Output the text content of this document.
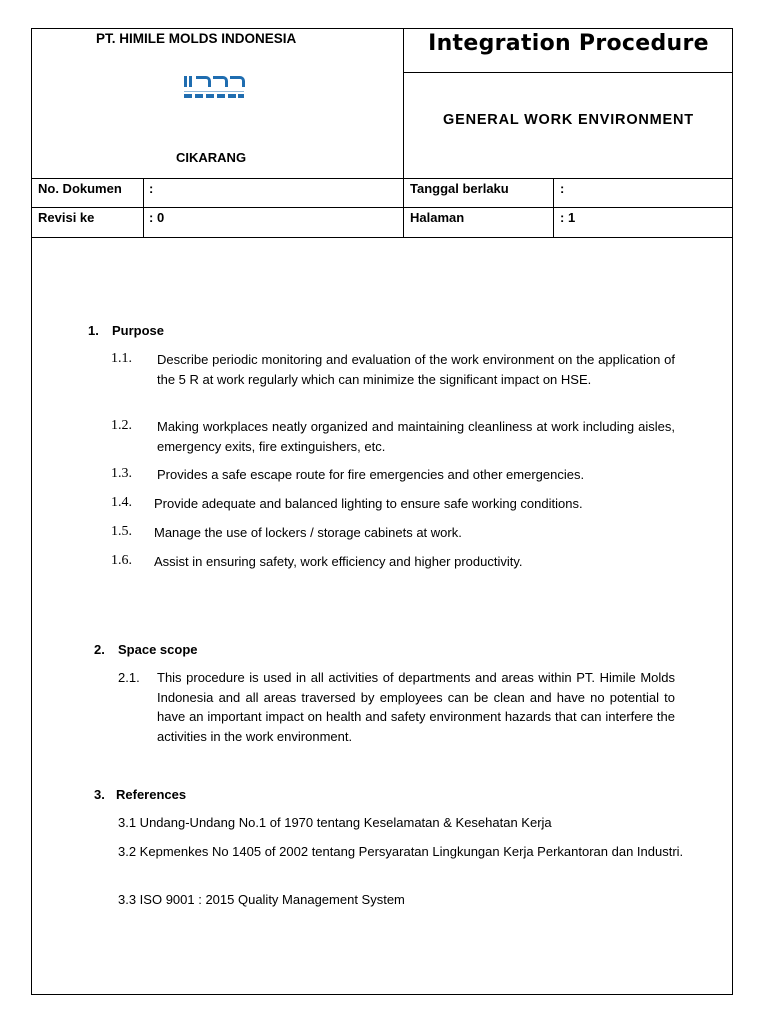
PT. HIMILE MOLDS INDONESIA
CIKARANG
Integration Procedure
GENERAL WORK ENVIRONMENT
No. Dokumen :	Tanggal berlaku	:
Revisi ke	: 0	Halaman	: 1
1. Purpose
1.1. Describe periodic monitoring and evaluation of the work environment on the application of the 5 R at work regularly which can minimize the significant impact on HSE.
1.2. Making workplaces neatly organized and maintaining cleanliness at work including aisles, emergency exits, fire extinguishers, etc.
1.3. Provides a safe escape route for fire emergencies and other emergencies.
1.4. Provide adequate and balanced lighting to ensure safe working conditions.
1.5. Manage the use of lockers / storage cabinets at work.
1.6. Assist in ensuring safety, work efficiency and higher productivity.
2. Space scope
2.1. This procedure is used in all activities of departments and areas within PT. Himile Molds Indonesia and all areas traversed by employees can be clean and have no potential to have an important impact on health and safety environment hazards that can interfere the activities in the work environment.
3. References
3.1 Undang-Undang No.1 of 1970 tentang Keselamatan & Kesehatan Kerja
3.2 Kepmenkes No 1405 of 2002 tentang Persyaratan Lingkungan Kerja Perkantoran dan Industri.
3.3 ISO 9001 : 2015 Quality Management System
